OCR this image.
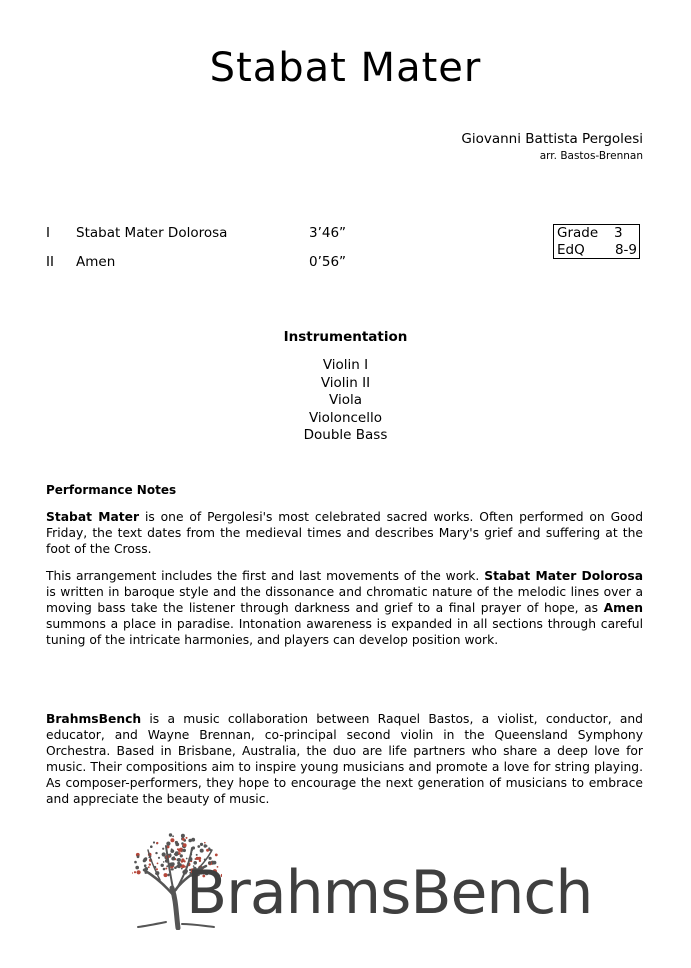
Stabat Mater
Giovanni Battista Pergolesi
arr. Bastos-Brennan
I Stabat Mater Dolorosa	3’46”
II Amen	0’56”
Grade 3
EdQ 8-9
Instrumentation
Violin I
Violin II
Viola
Violoncello
Double Bass
Performance Notes

Stabat Mater is one of Pergolesi's most celebrated sacred works. Often performed on Good Friday, the text dates from the medieval times and describes Mary's grief and suffering at the foot of the Cross.

This arrangement includes the first and last movements of the work. Stabat Mater Dolorosa is written in baroque style and the dissonance and chromatic nature of the melodic lines over a moving bass take the listener through darkness and grief to a final prayer of hope, as Amen summons a place in paradise. Intonation awareness is expanded in all sections through careful tuning of the intricate harmonies, and players can develop position work.

BrahmsBench is a music collaboration between Raquel Bastos, a violist, conductor, and educator, and Wayne Brennan, co-principal second violin in the Queensland Symphony Orchestra. Based in Brisbane, Australia, the duo are life partners who share a deep love for music. Their compositions aim to inspire young musicians and promote a love for string playing. As composer-performers, they hope to encourage the next generation of musicians to embrace and appreciate the beauty of music.

BrahmsBench
